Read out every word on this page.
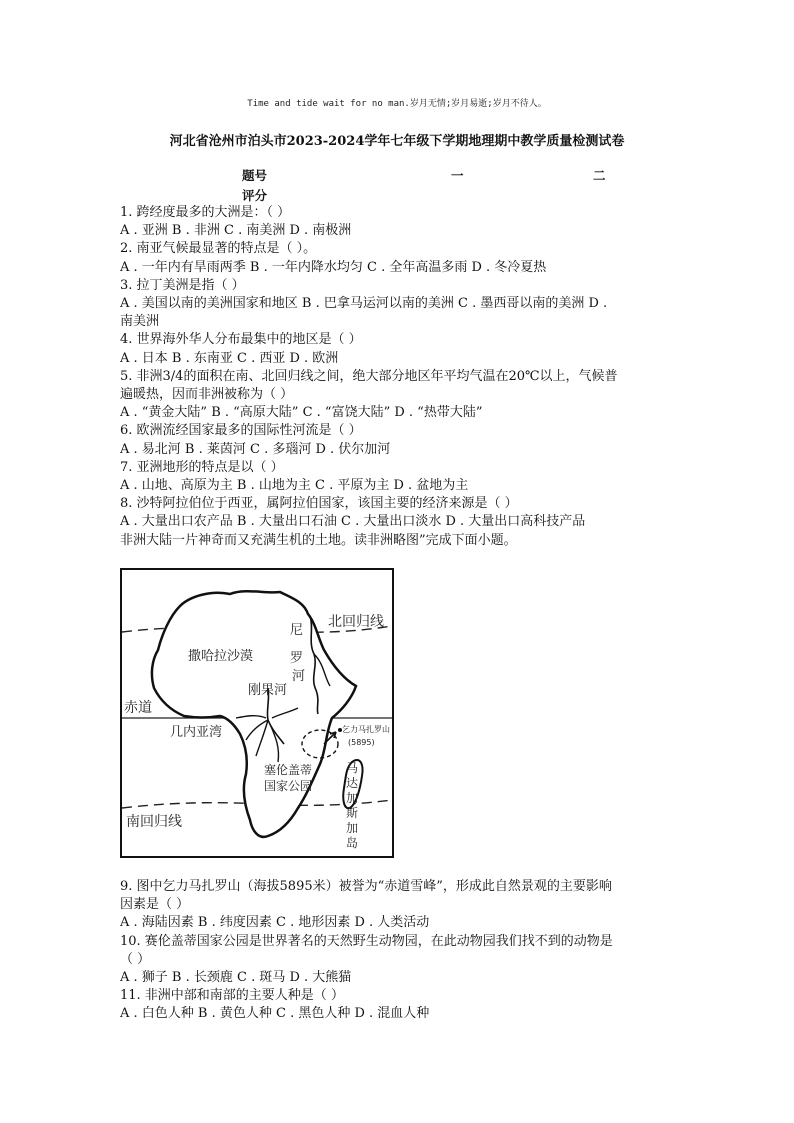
Time and tide wait for no man.岁月无情;岁月易逝;岁月不待人。
河北省沧州市泊头市2023-2024学年七年级下学期地理期中教学质量检测试卷
题号	一	二
评分

1. 跨经度最多的大洲是：（ ）

A . 亚洲 B . 非洲 C . 南美洲 D . 南极洲

2. 南亚气候最显著的特点是（ ）。

A . 一年内有旱雨两季 B . 一年内降水均匀 C . 全年高温多雨 D . 冬冷夏热

3. 拉丁美洲是指（ ）

A . 美国以南的美洲国家和地区 B . 巴拿马运河以南的美洲 C . 墨西哥以南的美洲 D .

南美洲

4. 世界海外华人分布最集中的地区是（ ）

A . 日本 B . 东南亚 C . 西亚 D . 欧洲

5. 非洲3/4的面积在南、北回归线之间，绝大部分地区年平均气温在20℃以上，气候普

遍暖热，因而非洲被称为（ ）

A . “黄金大陆” B . “高原大陆” C . “富饶大陆” D . “热带大陆”

6. 欧洲流经国家最多的国际性河流是（ ）

A . 易北河 B . 莱茵河 C . 多瑙河 D . 伏尔加河

7. 亚洲地形的特点是以（ ）

A . 山地、高原为主 B . 山地为主 C . 平原为主 D . 盆地为主

8. 沙特阿拉伯位于西亚，属阿拉伯国家，该国主要的经济来源是（ ）

A . 大量出口农产品 B . 大量出口石油 C . 大量出口淡水 D . 大量出口高科技产品

非洲大陆一片神奇而又充满生机的土地。读非洲略图”完成下面小题。

北回归线
赤道
南回归线
撒哈拉沙漠
尼
罗
河
刚果河
几内亚湾	乞力马扎罗山
(5895)
塞伦盖蒂
国家公园
马
达
加
斯
加
岛

9. 图中乞力马扎罗山（海拔5895米）被誉为“赤道雪峰”，形成此自然景观的主要影响

因素是（ ）

A . 海陆因素 B . 纬度因素 C . 地形因素 D . 人类活动

10. 赛伦盖蒂国家公园是世界著名的天然野生动物园，在此动物园我们找不到的动物是

（ ）

A . 狮子 B . 长颈鹿 C . 斑马 D . 大熊猫

11. 非洲中部和南部的主要人种是（ ）

A . 白色人种 B . 黄色人种 C . 黑色人种 D . 混血人种
